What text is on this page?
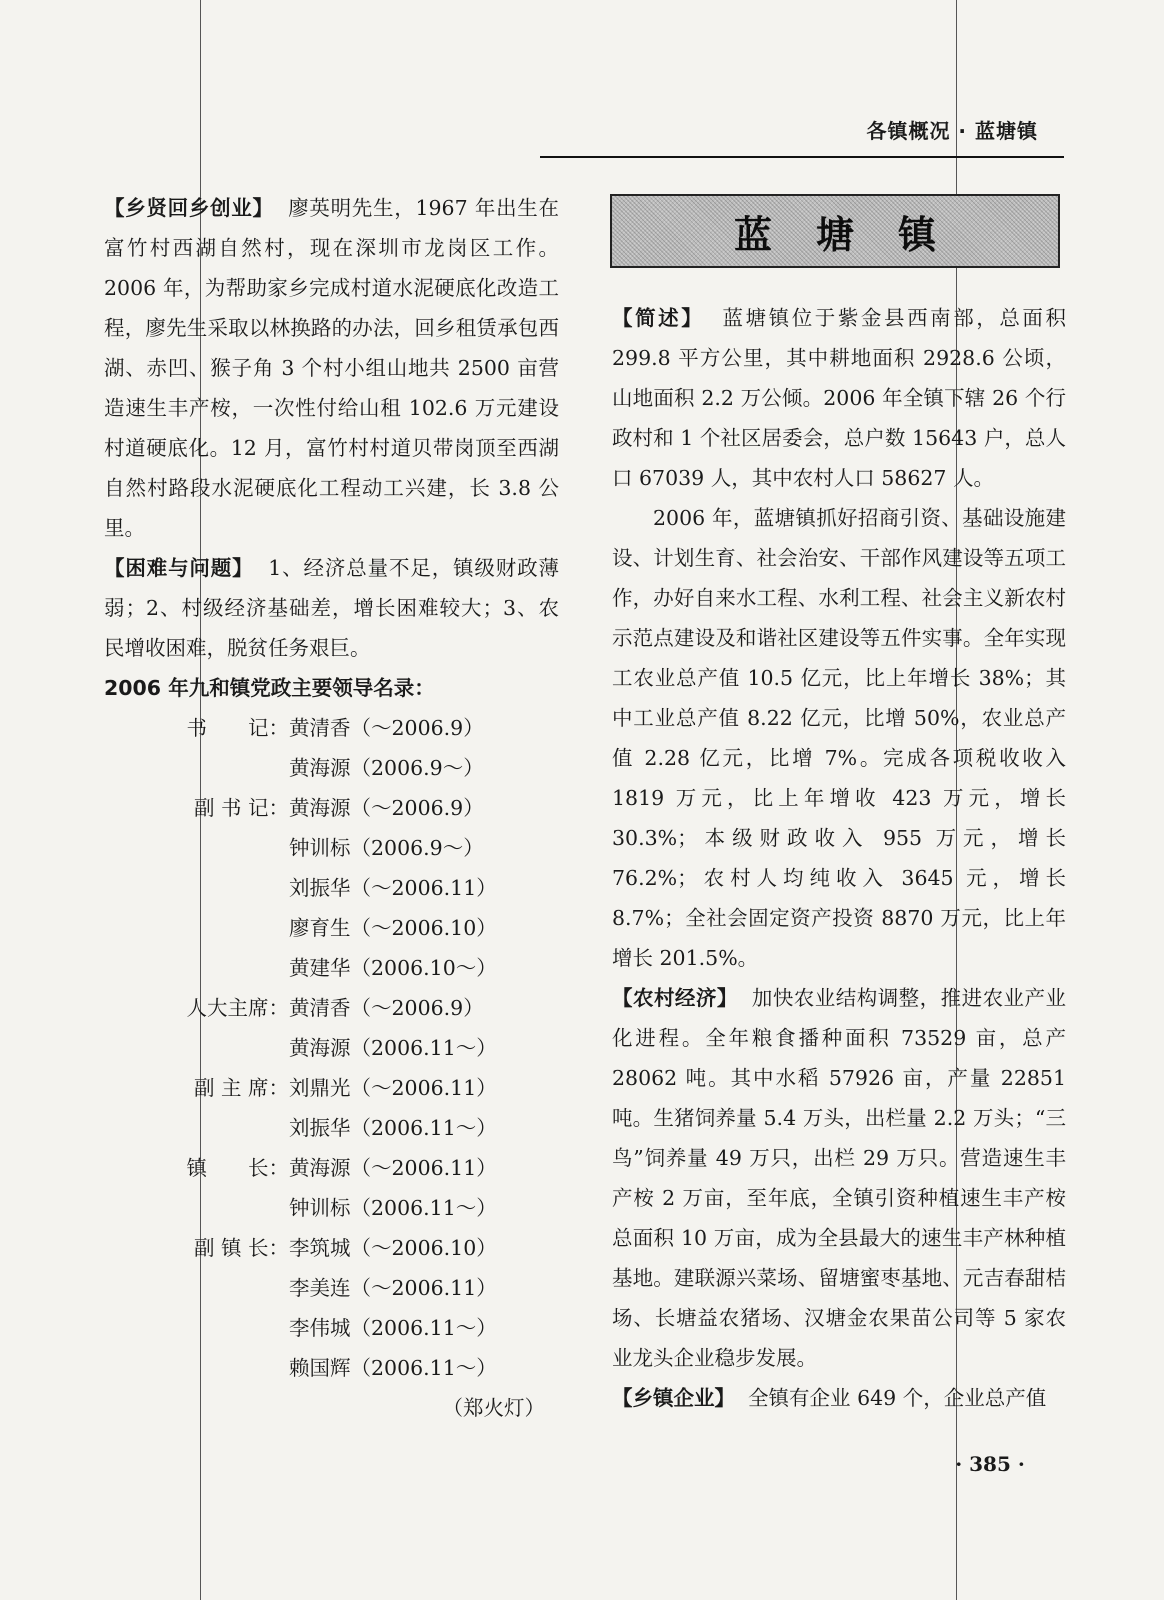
各镇概况 · 蓝塘镇

【乡贤回乡创业】 廖英明先生，1967 年出生在富竹村西湖自然村，现在深圳市龙岗区工作。2006 年，为帮助家乡完成村道水泥硬底化改造工程，廖先生采取以林换路的办法，回乡租赁承包西湖、赤凹、猴子角 3 个村小组山地共 2500 亩营造速生丰产桉，一次性付给山租 102.6 万元建设村道硬底化。12 月，富竹村村道贝带岗顶至西湖自然村路段水泥硬底化工程动工兴建，长 3.8 公里。

【困难与问题】 1、经济总量不足，镇级财政薄弱；2、村级经济基础差，增长困难较大；3、农民增收困难，脱贫任务艰巨。

2006 年九和镇党政主要领导名录：

书　　记： 黄清香（～2006.9）
黄海源（2006.9～）
副 书 记： 黄海源（～2006.9）
钟训标（2006.9～）
刘振华（～2006.11）
廖育生（～2006.10）
黄建华（2006.10～）
人大主席： 黄清香（～2006.9）
黄海源（2006.11～）
副 主 席： 刘鼎光（～2006.11）
刘振华（2006.11～）
镇　　长： 黄海源（～2006.11）
钟训标（2006.11～）
副 镇 长： 李筑城（～2006.10）
李美连（～2006.11）
李伟城（2006.11～）
赖国辉（2006.11～）

（郑火灯）

蓝塘镇

【简述】 蓝塘镇位于紫金县西南部，总面积 299.8 平方公里，其中耕地面积 2928.6 公顷，山地面积 2.2 万公倾。2006 年全镇下辖 26 个行政村和 1 个社区居委会，总户数 15643 户，总人口 67039 人，其中农村人口 58627 人。

2006 年，蓝塘镇抓好招商引资、基础设施建设、计划生育、社会治安、干部作风建设等五项工作，办好自来水工程、水利工程、社会主义新农村示范点建设及和谐社区建设等五件实事。全年实现工农业总产值 10.5 亿元，比上年增长 38%；其中工业总产值 8.22 亿元，比增 50%，农业总产值 2.28 亿元，比增 7%。完成各项税收收入 1819 万元，比上年增收 423 万元，增长 30.3%；本级财政收入 955 万元，增长 76.2%；农村人均纯收入 3645 元，增长 8.7%；全社会固定资产投资 8870 万元，比上年增长 201.5%。

【农村经济】 加快农业结构调整，推进农业产业化进程。全年粮食播种面积 73529 亩，总产 28062 吨。其中水稻 57926 亩，产量 22851 吨。生猪饲养量 5.4 万头，出栏量 2.2 万头；“三鸟”饲养量 49 万只，出栏 29 万只。营造速生丰产桉 2 万亩，至年底，全镇引资种植速生丰产桉总面积 10 万亩，成为全县最大的速生丰产林种植基地。建联源兴菜场、留塘蜜枣基地、元吉春甜桔场、长塘益农猪场、汉塘金农果苗公司等 5 家农业龙头企业稳步发展。

【乡镇企业】 全镇有企业 649 个，企业总产值

· 385 ·
